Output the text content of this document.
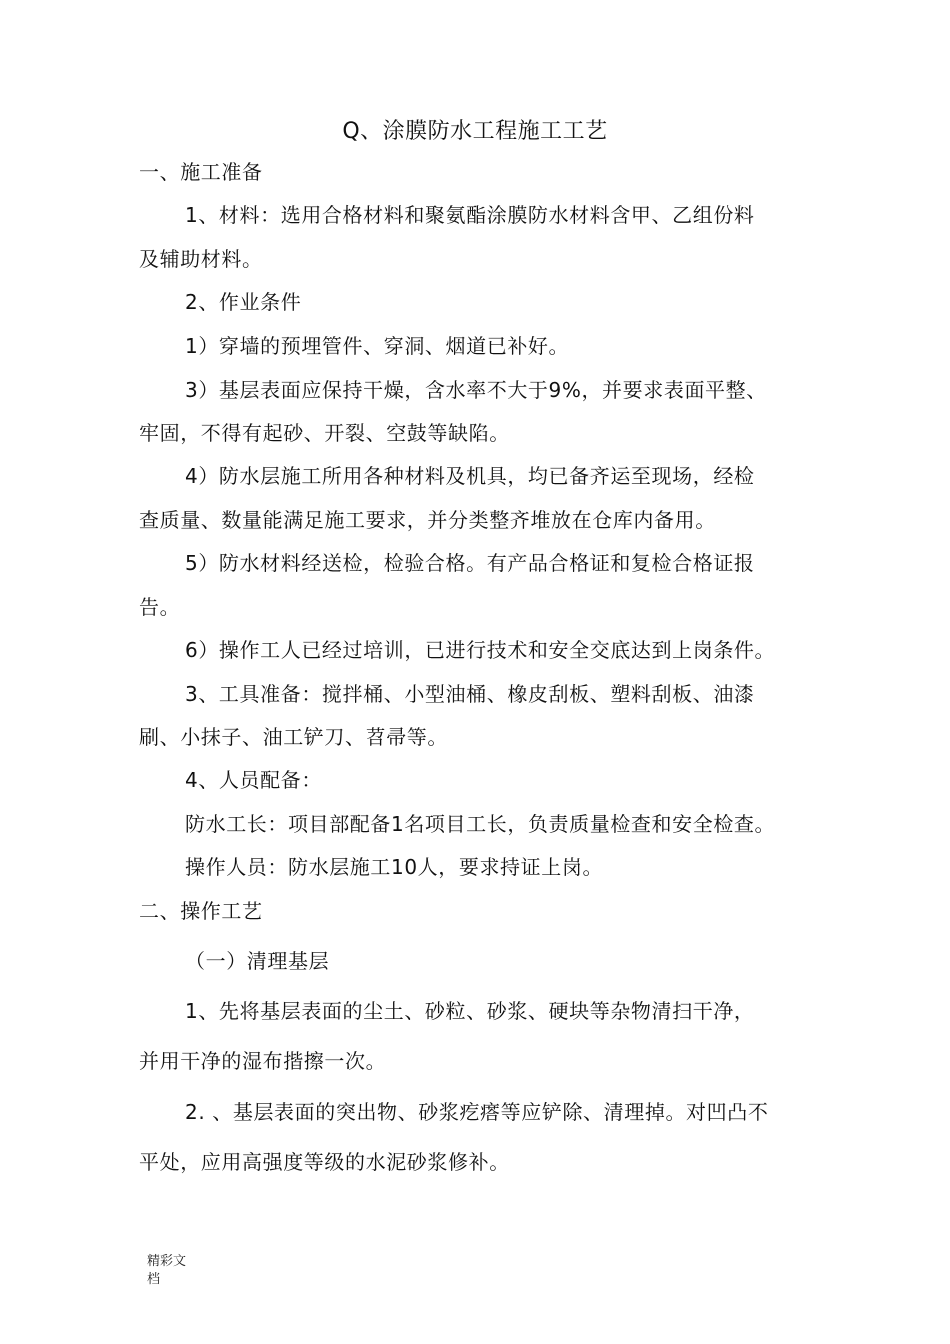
Q、涂膜防水工程施工工艺
一、施工准备
1、材料：选用合格材料和聚氨酯涂膜防水材料含甲、乙组份料
及辅助材料。
2、作业条件
1）穿墙的预埋管件、穿洞、烟道已补好。
3）基层表面应保持干燥，含水率不大于9%，并要求表面平整、
牢固，不得有起砂、开裂、空鼓等缺陷。
4）防水层施工所用各种材料及机具，均已备齐运至现场，经检
查质量、数量能满足施工要求，并分类整齐堆放在仓库内备用。
5）防水材料经送检，检验合格。有产品合格证和复检合格证报
告。
6）操作工人已经过培训，已进行技术和安全交底达到上岗条件。
3、工具准备：搅拌桶、小型油桶、橡皮刮板、塑料刮板、油漆
刷、小抹子、油工铲刀、苕帚等。
4、人员配备：
防水工长：项目部配备1名项目工长，负责质量检查和安全检查。
操作人员：防水层施工10人，要求持证上岗。
二、操作工艺
（一）清理基层
1、先将基层表面的尘土、砂粒、砂浆、硬块等杂物清扫干净，
并用干净的湿布揩擦一次。
2. 、基层表面的突出物、砂浆疙瘩等应铲除、清理掉。对凹凸不
平处，应用高强度等级的水泥砂浆修补。
精彩文
档
